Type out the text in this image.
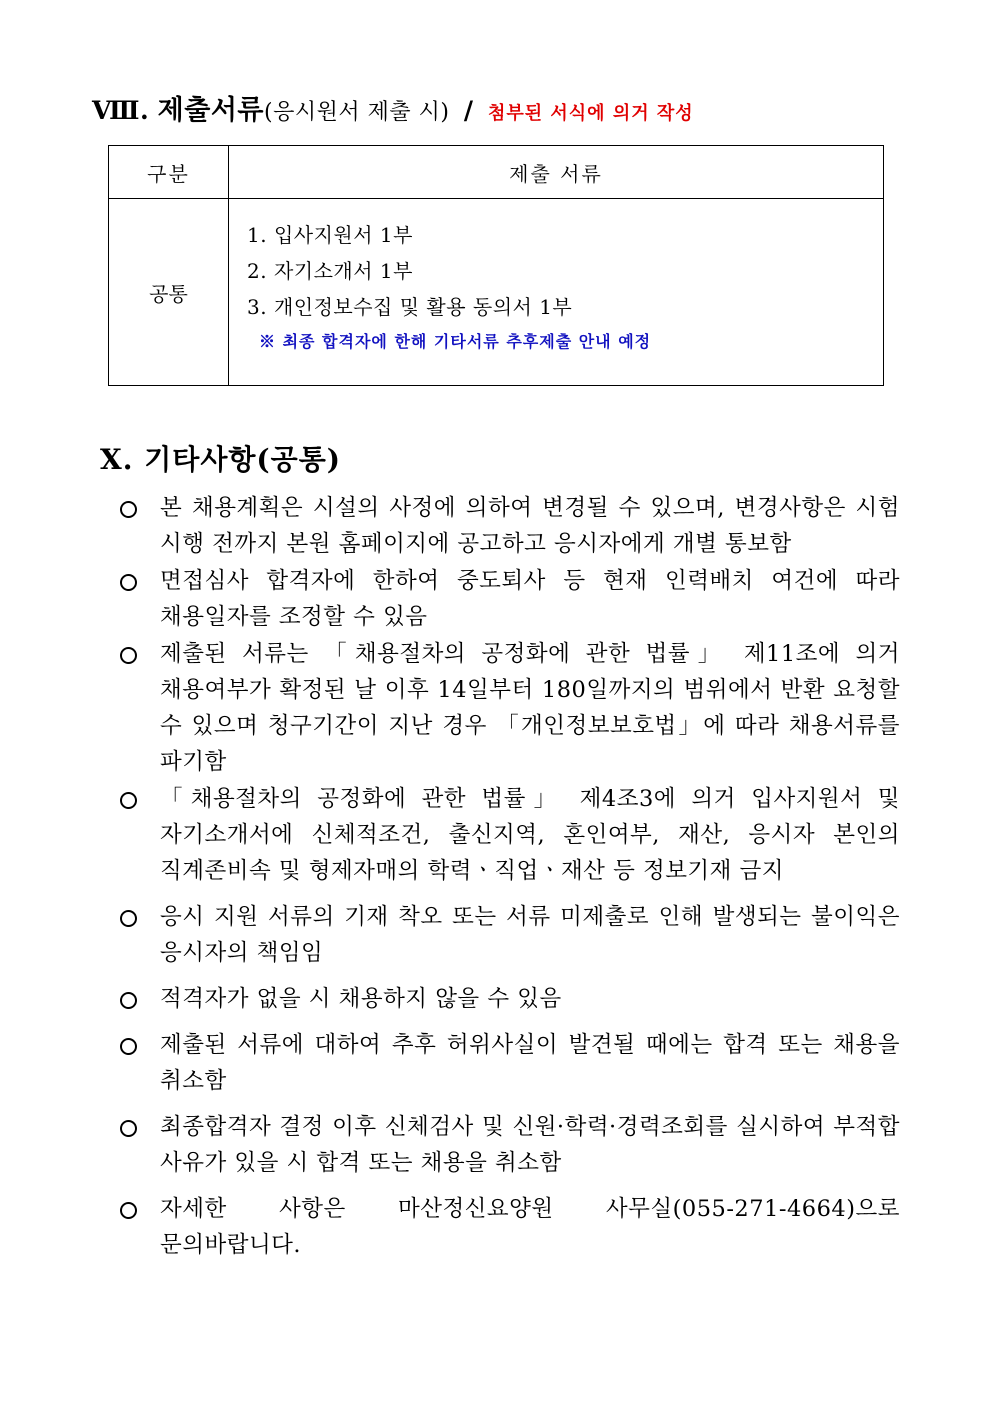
Ⅷ. 제출서류(응시원서 제출 시) / 첨부된 서식에 의거 작성
구분	제출 서류
공통	1. 입사지원서 1부
2. 자기소개서 1부
3. 개인정보수집 및 활용 동의서 1부
※ 최종 합격자에 한해 기타서류 추후제출 안내 예정
Ⅹ. 기타사항(공통)
본 채용계획은 시설의 사정에 의하여 변경될 수 있으며, 변경사항은 시험 시행 전까지 본원 홈페이지에 공고하고 응시자에게 개별 통보함
면접심사 합격자에 한하여 중도퇴사 등 현재 인력배치 여건에 따라 채용일자를 조정할 수 있음
제출된 서류는 「채용절차의 공정화에 관한 법률」 제11조에 의거 채용여부가 확정된 날 이후 14일부터 180일까지의 범위에서 반환 요청할 수 있으며 청구기간이 지난 경우 「개인정보보호법」에 따라 채용서류를 파기함
「채용절차의 공정화에 관한 법률」 제4조3에 의거 입사지원서 및 자기소개서에 신체적조건, 출신지역, 혼인여부, 재산, 응시자 본인의 직계존비속 및 형제자매의 학력ㆍ직업ㆍ재산 등 정보기재 금지
응시 지원 서류의 기재 착오 또는 서류 미제출로 인해 발생되는 불이익은 응시자의 책임임
적격자가 없을 시 채용하지 않을 수 있음
제출된 서류에 대하여 추후 허위사실이 발견될 때에는 합격 또는 채용을 취소함
최종합격자 결정 이후 신체검사 및 신원·학력·경력조회를 실시하여 부적합 사유가 있을 시 합격 또는 채용을 취소함
자세한 사항은 마산정신요양원 사무실(055-271-4664)으로 문의바랍니다.
